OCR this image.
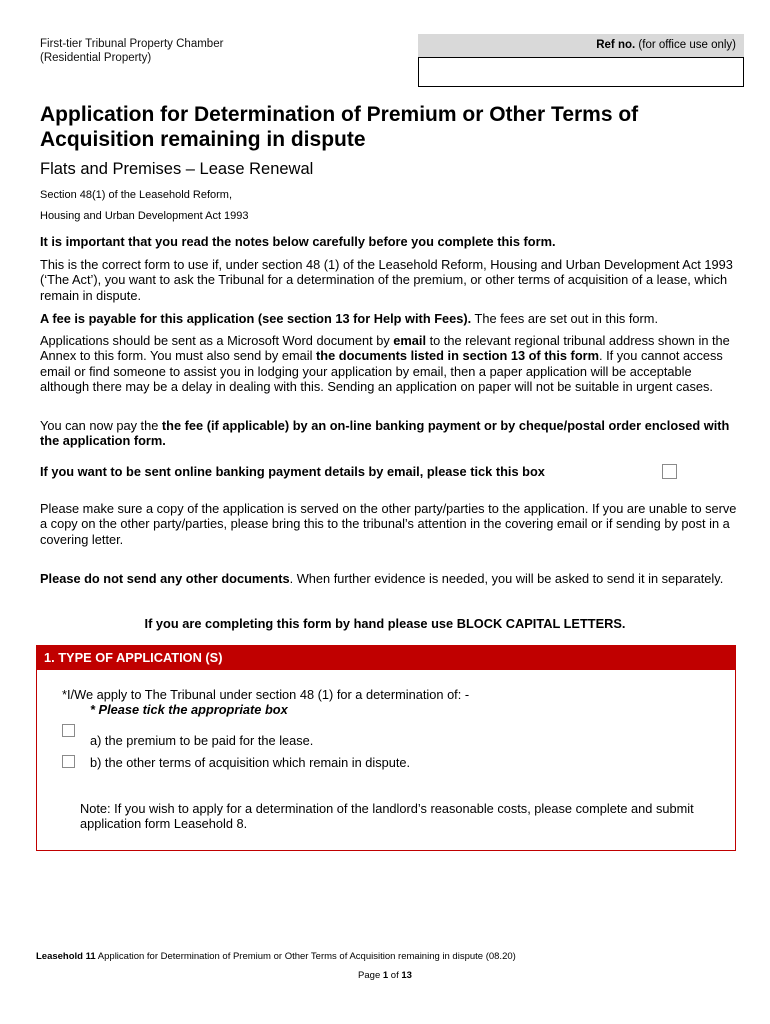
First-tier Tribunal Property Chamber
(Residential Property)
Ref no. (for office use only)
Application for Determination of Premium or Other Terms of
Acquisition remaining in dispute
Flats and Premises – Lease Renewal
Section 48(1) of the Leasehold Reform,
Housing and Urban Development Act 1993
It is important that you read the notes below carefully before you complete this form.
This is the correct form to use if, under section 48 (1) of the Leasehold Reform, Housing and Urban Development Act 1993 (‘The Act’), you want to ask the Tribunal for a determination of the premium, or other terms of acquisition of a lease, which remain in dispute.
A fee is payable for this application (see section 13 for Help with Fees). The fees are set out in this form.
Applications should be sent as a Microsoft Word document by email to the relevant regional tribunal address shown in the Annex to this form. You must also send by email the documents listed in section 13 of this form. If you cannot access email or find someone to assist you in lodging your application by email, then a paper application will be acceptable although there may be a delay in dealing with this. Sending an application on paper will not be suitable in urgent cases.
You can now pay the the fee (if applicable) by an on-line banking payment or by cheque/postal order enclosed with the application form.
If you want to be sent online banking payment details by email, please tick this box
Please make sure a copy of the application is served on the other party/parties to the application. If you are unable to serve a copy on the other party/parties, please bring this to the tribunal’s attention in the covering email or if sending by post in a covering letter.
Please do not send any other documents. When further evidence is needed, you will be asked to send it in separately.
If you are completing this form by hand please use BLOCK CAPITAL LETTERS.
1. TYPE OF APPLICATION (S)
*I/We apply to The Tribunal under section 48 (1) for a determination of: -
* Please tick the appropriate box
a) the premium to be paid for the lease.
b) the other terms of acquisition which remain in dispute.
Note: If you wish to apply for a determination of the landlord’s reasonable costs, please complete and submit application form Leasehold 8.
Leasehold 11 Application for Determination of Premium or Other Terms of Acquisition remaining in dispute (08.20)
Page 1 of 13
